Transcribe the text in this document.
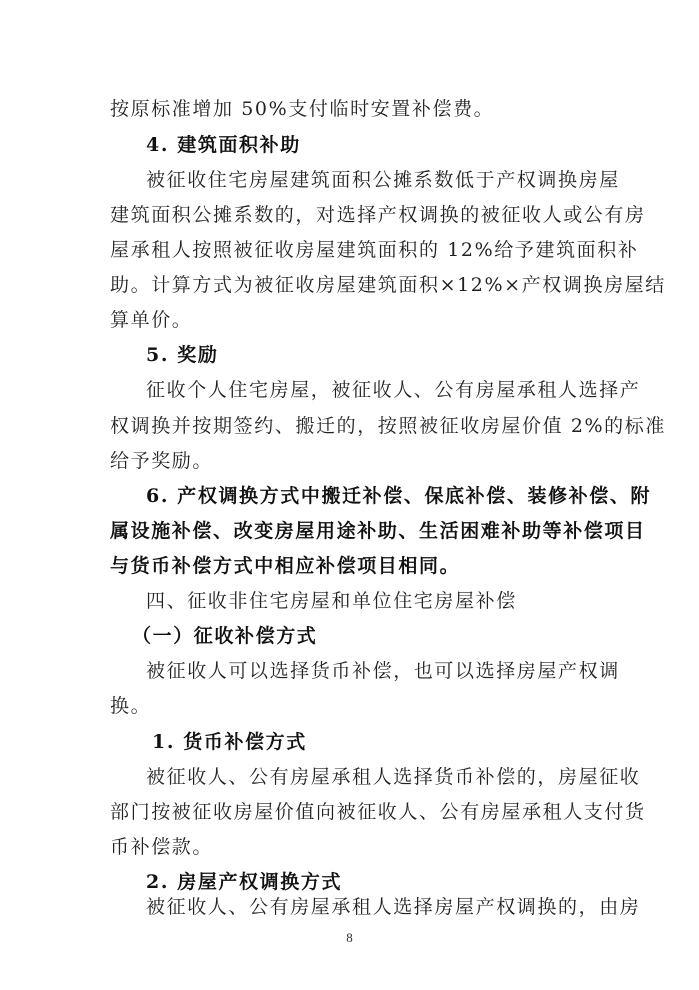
按原标准增加 50%支付临时安置补偿费。
4. 建筑面积补助
被征收住宅房屋建筑面积公摊系数低于产权调换房屋
建筑面积公摊系数的，对选择产权调换的被征收人或公有房
屋承租人按照被征收房屋建筑面积的 12%给予建筑面积补
助。计算方式为被征收房屋建筑面积×12%×产权调换房屋结
算单价。
5. 奖励
征收个人住宅房屋，被征收人、公有房屋承租人选择产
权调换并按期签约、搬迁的，按照被征收房屋价值 2%的标准
给予奖励。
6. 产权调换方式中搬迁补偿、保底补偿、装修补偿、附
属设施补偿、改变房屋用途补助、生活困难补助等补偿项目
与货币补偿方式中相应补偿项目相同。
四、征收非住宅房屋和单位住宅房屋补偿
（一）征收补偿方式
被征收人可以选择货币补偿，也可以选择房屋产权调
换。
1. 货币补偿方式
被征收人、公有房屋承租人选择货币补偿的，房屋征收
部门按被征收房屋价值向被征收人、公有房屋承租人支付货
币补偿款。
2. 房屋产权调换方式
8
被征收人、公有房屋承租人选择房屋产权调换的，由房
